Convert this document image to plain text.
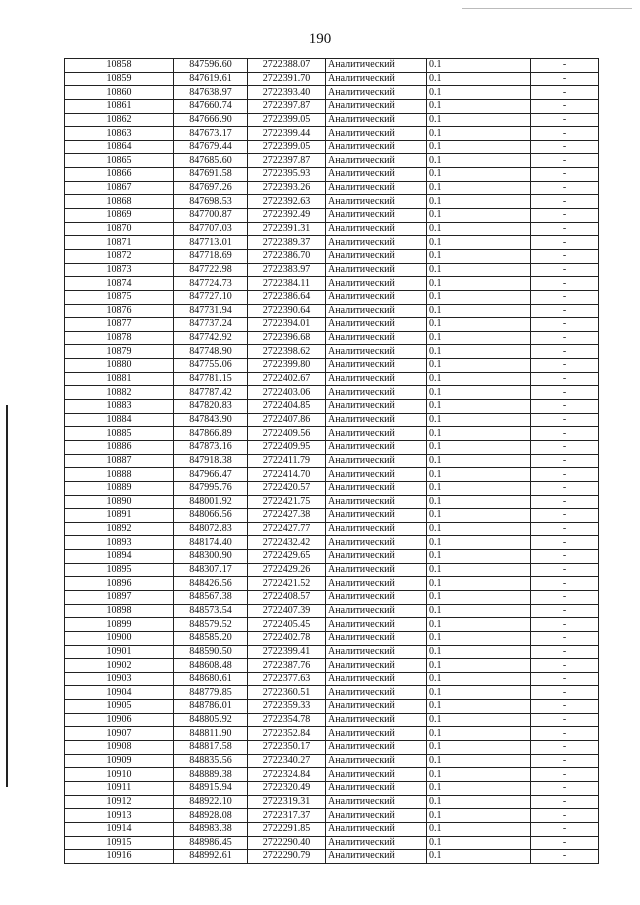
190
10858	847596.60	2722388.07	Аналитический	0.1	-
10859	847619.61	2722391.70	Аналитический	0.1	-
10860	847638.97	2722393.40	Аналитический	0.1	-
10861	847660.74	2722397.87	Аналитический	0.1	-
10862	847666.90	2722399.05	Аналитический	0.1	-
10863	847673.17	2722399.44	Аналитический	0.1	-
10864	847679.44	2722399.05	Аналитический	0.1	-
10865	847685.60	2722397.87	Аналитический	0.1	-
10866	847691.58	2722395.93	Аналитический	0.1	-
10867	847697.26	2722393.26	Аналитический	0.1	-
10868	847698.53	2722392.63	Аналитический	0.1	-
10869	847700.87	2722392.49	Аналитический	0.1	-
10870	847707.03	2722391.31	Аналитический	0.1	-
10871	847713.01	2722389.37	Аналитический	0.1	-
10872	847718.69	2722386.70	Аналитический	0.1	-
10873	847722.98	2722383.97	Аналитический	0.1	-
10874	847724.73	2722384.11	Аналитический	0.1	-
10875	847727.10	2722386.64	Аналитический	0.1	-
10876	847731.94	2722390.64	Аналитический	0.1	-
10877	847737.24	2722394.01	Аналитический	0.1	-
10878	847742.92	2722396.68	Аналитический	0.1	-
10879	847748.90	2722398.62	Аналитический	0.1	-
10880	847755.06	2722399.80	Аналитический	0.1	-
10881	847781.15	2722402.67	Аналитический	0.1	-
10882	847787.42	2722403.06	Аналитический	0.1	-
10883	847820.83	2722404.85	Аналитический	0.1	-
10884	847843.90	2722407.86	Аналитический	0.1	-
10885	847866.89	2722409.56	Аналитический	0.1	-
10886	847873.16	2722409.95	Аналитический	0.1	-
10887	847918.38	2722411.79	Аналитический	0.1	-
10888	847966.47	2722414.70	Аналитический	0.1	-
10889	847995.76	2722420.57	Аналитический	0.1	-
10890	848001.92	2722421.75	Аналитический	0.1	-
10891	848066.56	2722427.38	Аналитический	0.1	-
10892	848072.83	2722427.77	Аналитический	0.1	-
10893	848174.40	2722432.42	Аналитический	0.1	-
10894	848300.90	2722429.65	Аналитический	0.1	-
10895	848307.17	2722429.26	Аналитический	0.1	-
10896	848426.56	2722421.52	Аналитический	0.1	-
10897	848567.38	2722408.57	Аналитический	0.1	-
10898	848573.54	2722407.39	Аналитический	0.1	-
10899	848579.52	2722405.45	Аналитический	0.1	-
10900	848585.20	2722402.78	Аналитический	0.1	-
10901	848590.50	2722399.41	Аналитический	0.1	-
10902	848608.48	2722387.76	Аналитический	0.1	-
10903	848680.61	2722377.63	Аналитический	0.1	-
10904	848779.85	2722360.51	Аналитический	0.1	-
10905	848786.01	2722359.33	Аналитический	0.1	-
10906	848805.92	2722354.78	Аналитический	0.1	-
10907	848811.90	2722352.84	Аналитический	0.1	-
10908	848817.58	2722350.17	Аналитический	0.1	-
10909	848835.56	2722340.27	Аналитический	0.1	-
10910	848889.38	2722324.84	Аналитический	0.1	-
10911	848915.94	2722320.49	Аналитический	0.1	-
10912	848922.10	2722319.31	Аналитический	0.1	-
10913	848928.08	2722317.37	Аналитический	0.1	-
10914	848983.38	2722291.85	Аналитический	0.1	-
10915	848986.45	2722290.40	Аналитический	0.1	-
10916	848992.61	2722290.79	Аналитический	0.1	-
